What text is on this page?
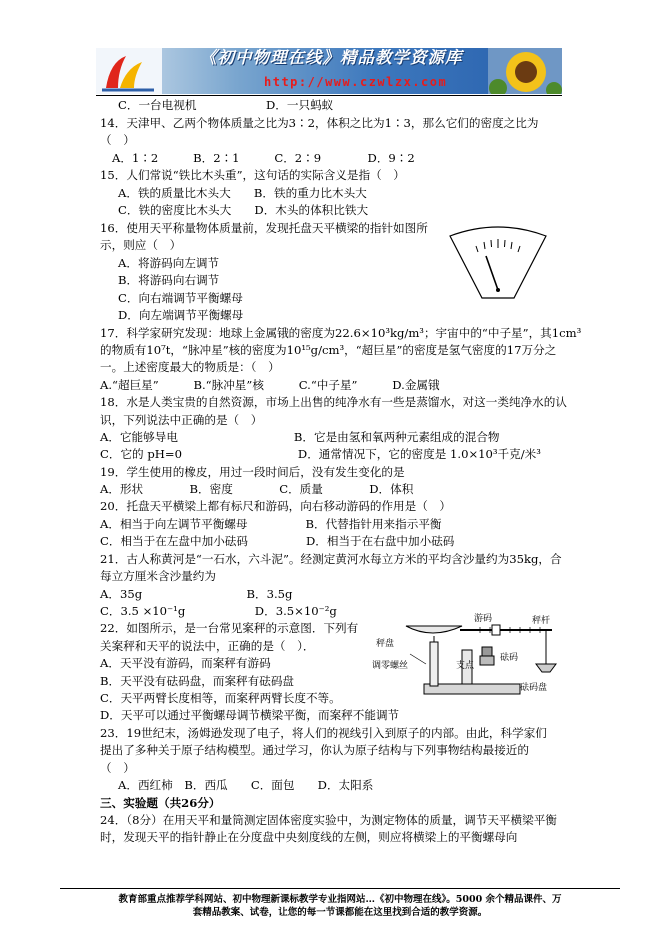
《初中物理在线》精品教学资源库
http://www.czwlzx.com
C．一台电视机　　　　　　D．一只蚂蚁
14．天津甲、乙两个物体质量之比为3∶2，体积之比为1∶3，那么它们的密度之比为
（　）
A．1∶2　　　B．2∶1　　　C．2∶9　　　　D．9∶2
15．人们常说“铁比木头重”，这句话的实际含义是指（　）
A．铁的质量比木头大　　B．铁的重力比木头大
C．铁的密度比木头大　　D．木头的体积比铁大
16．使用天平称量物体质量前，发现托盘天平横梁的指针如图所
示，则应（　）
A．将游码向左调节
B．将游码向右调节
C．向右端调节平衡螺母
D．向左端调节平衡螺母
17．科学家研究发现：地球上金属锇的密度为22.6×10³kg/m³；宇宙中的“中子星”，其1cm³
的物质有10⁷t，“脉冲星”核的密度为10¹⁵g/cm³，“超巨星”的密度是氢气密度的17万分之
一。上述密度最大的物质是：（　）
A.“超巨星”　　　B.“脉冲星”核　　　C.“中子星”　　　D.金属锇
18．水是人类宝贵的自然资源，市场上出售的纯净水有一些是蒸馏水，对这一类纯净水的认
识，下列说法中正确的是（　）
A．它能够导电　　　　　　　　　　B．它是由氢和氧两种元素组成的混合物
C．它的 pH=0　　　　　　　　　　D．通常情况下，它的密度是 1.0×10³千克/米³
19．学生使用的橡皮，用过一段时间后，没有发生变化的是
A．形状　　　　B．密度　　　　C．质量　　　　D．体积
20．托盘天平横梁上都有标尺和游码，向右移动游码的作用是（　）
A．相当于向左调节平衡螺母　　　　　B．代替指针用来指示平衡
C．相当于在左盘中加小砝码　　　　　D．相当于在右盘中加小砝码
21．古人称黄河是“一石水，六斗泥”。经测定黄河水每立方米的平均含沙量约为35kg，合
每立方厘米含沙量约为
A．35g　　　　　　　　　B．3.5g
C．3.5 ×10⁻¹g　　　　　　D．3.5×10⁻²g
22．如图所示，是一台常见案秤的示意图．下列有
关案秤和天平的说法中，正确的是（　）．
A．天平没有游码，而案秤有游码
B．天平没有砝码盘，而案秤有砝码盘
C．天平两臂长度相等，而案秤两臂长度不等。
D．天平可以通过平衡螺母调节横梁平衡，而案秤不能调节
23．19世纪末，汤姆逊发现了电子，将人们的视线引入到原子的内部。由此，科学家们
提出了多种关于原子结构模型。通过学习，你认为原子结构与下列事物结构最接近的
（　）
A．西红柿　B．西瓜　　C．面包　　D．太阳系
三、实验题（共26分）
24．（8分）在用天平和量筒测定固体密度实验中，为测定物体的质量，调节天平横梁平衡
时，发现天平的指针静止在分度盘中央刻度线的左侧，则应将横梁上的平衡螺母向
游码	秤杆
秤盘
支点
调零螺丝
砝码
砝码盘
教育部重点推荐学科网站、初中物理新课标教学专业指网站…《初中物理在线》。5000 余个精品课件、万
套精品教案、试卷，让您的每一节课都能在这里找到合适的教学资源。
